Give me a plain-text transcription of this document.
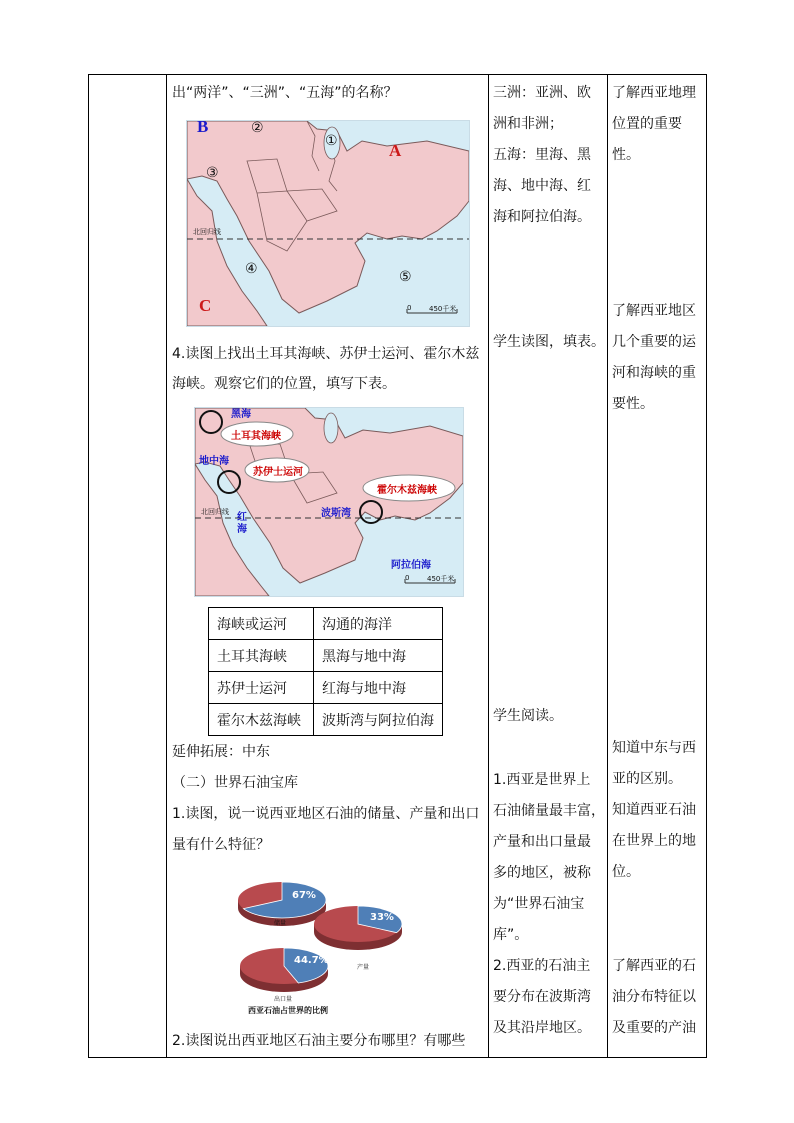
出“两洋”、“三洲”、“五海”的名称？
B
A
C
①
②
③
④	⑤
北回归线
0	450千米
4.读图上找出土耳其海峡、苏伊士运河、霍尔木兹
海峡。观察它们的位置，填写下表。
黑海
土耳其海峡
地中海
苏伊士运河
霍尔木兹海峡
红海
波斯湾
阿拉伯海
北回归线
0	450千米
海峡或运河	沟通的海洋
土耳其海峡	黑海与地中海
苏伊士运河	红海与地中海
霍尔木兹海峡	波斯湾与阿拉伯海
延伸拓展：中东
（二）世界石油宝库
1.读图，说一说西亚地区石油的储量、产量和出口
量有什么特征？
西亚石油占世界的比例
储量
产量
出口量
67%
33%
44.7%
2.读图说出西亚地区石油主要分布哪里？有哪些

三洲：亚洲、欧

洲和非洲；

五海：里海、黑

海、地中海、红

海和阿拉伯海。

学生读图，填表。
学生阅读。

1.西亚是世界上

石油储量最丰富，

产量和出口量最

多的地区，被称

为“世界石油宝

库”。

2.西亚的石油主

要分布在波斯湾

及其沿岸地区。

了解西亚地理

位置的重要性。

了解西亚地区

几个重要的运

河和海峡的重

要性。

知道中东与西

亚的区别。

知道西亚石油

在世界上的地

位。

了解西亚的石

油分布特征以

及重要的产油
